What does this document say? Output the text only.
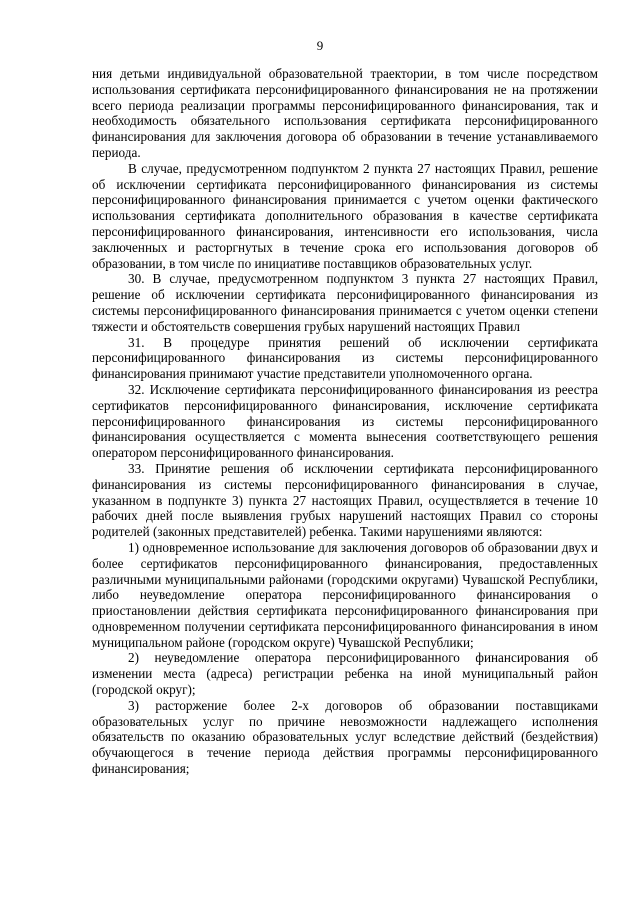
9

ния детьми индивидуальной образовательной траектории, в том числе посредством использования сертификата персонифицированного финансирования не на протяжении всего периода реализации программы персонифицированного финансирования, так и необходимость обязательного использования сертификата персонифицированного финансирования для заключения договора об образовании в течение устанавливаемого периода.

В случае, предусмотренном подпунктом 2 пункта 27 настоящих Правил, решение об исключении сертификата персонифицированного финансирования из системы персонифицированного финансирования принимается с учетом оценки фактического использования сертификата дополнительного образования в качестве сертификата персонифицированного финансирования, интенсивности его использования, числа заключенных и расторгнутых в течение срока его использования договоров об образовании, в том числе по инициативе поставщиков образовательных услуг.

30. В случае, предусмотренном подпунктом 3 пункта 27 настоящих Правил, решение об исключении сертификата персонифицированного финансирования из системы персонифицированного финансирования принимается с учетом оценки степени тяжести и обстоятельств совершения грубых нарушений настоящих Правил

31. В процедуре принятия решений об исключении сертификата персонифицированного финансирования из системы персонифицированного финансирования принимают участие представители уполномоченного органа.

32. Исключение сертификата персонифицированного финансирования из реестра сертификатов персонифицированного финансирования, исключение сертификата персонифицированного финансирования из системы персонифицированного финансирования осуществляется с момента вынесения соответствующего решения оператором персонифицированного финансирования.

33. Принятие решения об исключении сертификата персонифицированного финансирования из системы персонифицированного финансирования в случае, указанном в подпункте 3) пункта 27 настоящих Правил, осуществляется в течение 10 рабочих дней после выявления грубых нарушений настоящих Правил со стороны родителей (законных представителей) ребенка. Такими нарушениями являются:

1) одновременное использование для заключения договоров об образовании двух и более сертификатов персонифицированного финансирования, предоставленных различными муниципальными районами (городскими округами) Чувашской Республики, либо неуведомление оператора персонифицированного финансирования о приостановлении действия сертификата персонифицированного финансирования при одновременном получении сертификата персонифицированного финансирования в ином муниципальном районе (городском округе) Чувашской Республики;

2) неуведомление оператора персонифицированного финансирования об изменении места (адреса) регистрации ребенка на иной муниципальный район (городской округ);

3) расторжение более 2-х договоров об образовании поставщиками образовательных услуг по причине невозможности надлежащего исполнения обязательств по оказанию образовательных услуг вследствие действий (бездействия) обучающегося в течение периода действия программы персонифицированного финансирования;
